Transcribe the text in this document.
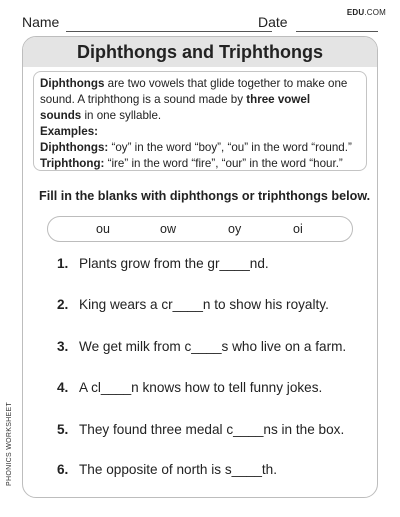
Name	Date
EDU.COM
Diphthongs and Triphthongs
Diphthongs are two vowels that glide together to make one
sound. A triphthong is a sound made by three vowel
sounds in one syllable.
Examples:
Diphthongs: “oy” in the word “boy”, “ou” in the word “round.”
Triphthong: “ire” in the word “fire”, “our” in the word “hour.”
Fill in the blanks with diphthongs or triphthongs below.
ou	ow	oy	oi
1. Plants grow from the gr____nd.
2. King wears a cr____n to show his royalty.
3. We get milk from c____s who live on a farm.
4. A cl____n knows how to tell funny jokes.
5. They found three medal c____ns in the box.
6. The opposite of north is s____th.
PHONICS WORKSHEET
